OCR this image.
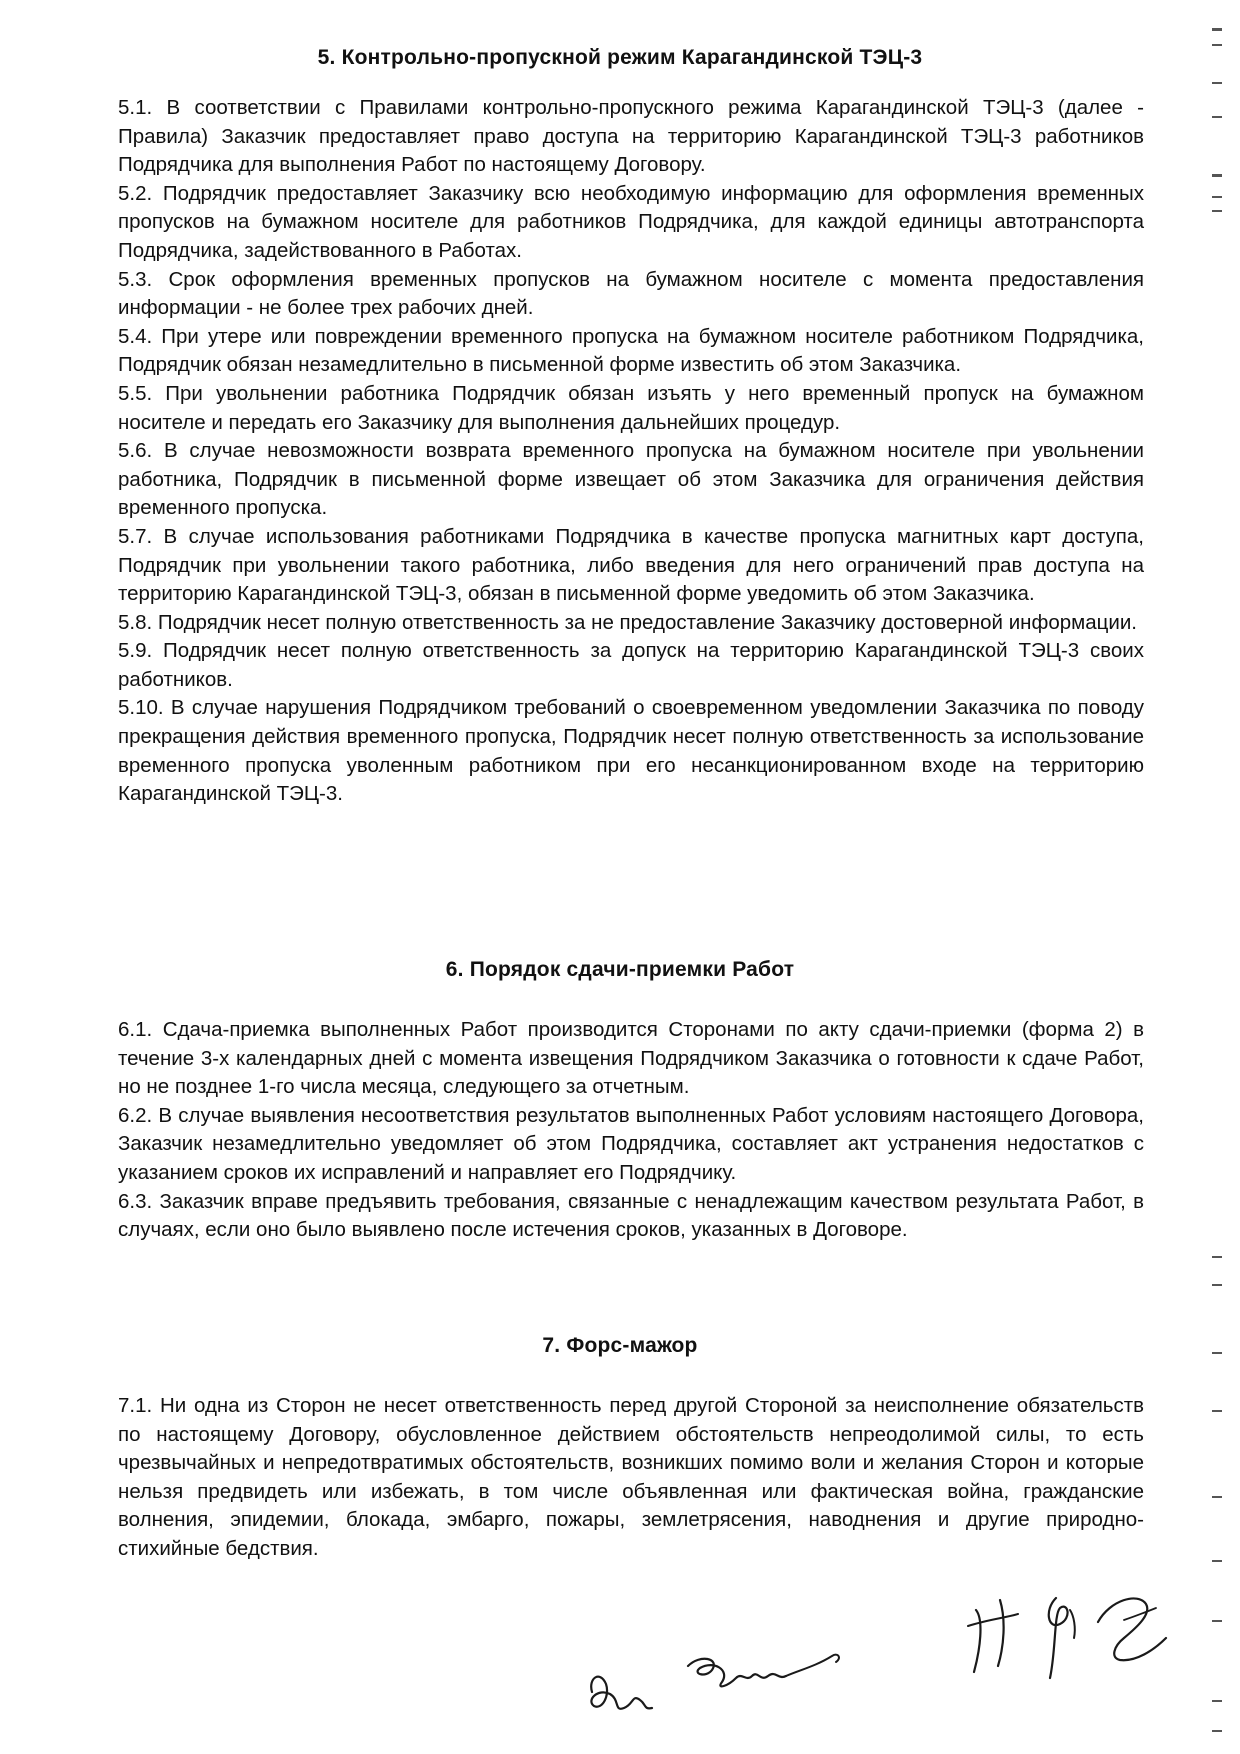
5. Контрольно-пропускной режим Карагандинской ТЭЦ-3

5.1. В соответствии с Правилами контрольно-пропускного режима Карагандинской ТЭЦ-3 (далее - Правила) Заказчик предоставляет право доступа на территорию Карагандинской ТЭЦ-3 работников Подрядчика для выполнения Работ по настоящему Договору.

5.2. Подрядчик предоставляет Заказчику всю необходимую информацию для оформления временных пропусков на бумажном носителе для работников Подрядчика, для каждой единицы автотранспорта Подрядчика, задействованного в Работах.

5.3. Срок оформления временных пропусков на бумажном носителе с момента предоставления информации - не более трех рабочих дней.

5.4. При утере или повреждении временного пропуска на бумажном носителе работником Подрядчика, Подрядчик обязан незамедлительно в письменной форме известить об этом Заказчика.

5.5. При увольнении работника Подрядчик обязан изъять у него временный пропуск на бумажном носителе и передать его Заказчику для выполнения дальнейших процедур.

5.6. В случае невозможности возврата временного пропуска на бумажном носителе при увольнении работника, Подрядчик в письменной форме извещает об этом Заказчика для ограничения действия временного пропуска.

5.7. В случае использования работниками Подрядчика в качестве пропуска магнитных карт доступа, Подрядчик при увольнении такого работника, либо введения для него ограничений прав доступа на территорию Карагандинской ТЭЦ-3, обязан в письменной форме уведомить об этом Заказчика.

5.8. Подрядчик несет полную ответственность за не предоставление Заказчику достоверной информации.

5.9. Подрядчик несет полную ответственность за допуск на территорию Карагандинской ТЭЦ-3 своих работников.

5.10. В случае нарушения Подрядчиком требований о своевременном уведомлении Заказчика по поводу прекращения действия временного пропуска, Подрядчик несет полную ответственность за использование временного пропуска уволенным работником при его несанкционированном входе на территорию Карагандинской ТЭЦ-3.

6. Порядок сдачи-приемки Работ

6.1. Сдача-приемка выполненных Работ производится Сторонами по акту сдачи-приемки (форма 2) в течение 3-х календарных дней с момента извещения Подрядчиком Заказчика о готовности к сдаче Работ, но не позднее 1-го числа месяца, следующего за отчетным.

6.2. В случае выявления несоответствия результатов выполненных Работ условиям настоящего Договора, Заказчик незамедлительно уведомляет об этом Подрядчика, составляет акт устранения недостатков с указанием сроков их исправлений и направляет его Подрядчику.

6.3. Заказчик вправе предъявить требования, связанные с ненадлежащим качеством результата Работ, в случаях, если оно было выявлено после истечения сроков, указанных в Договоре.

7. Форс-мажор

7.1. Ни одна из Сторон не несет ответственность перед другой Стороной за неисполнение обязательств по настоящему Договору, обусловленное действием обстоятельств непреодолимой силы, то есть чрезвычайных и непредотвратимых обстоятельств, возникших помимо воли и желания Сторон и которые нельзя предвидеть или избежать, в том числе объявленная или фактическая война, гражданские волнения, эпидемии, блокада, эмбарго, пожары, землетрясения, наводнения и другие природно-стихийные бедствия.
